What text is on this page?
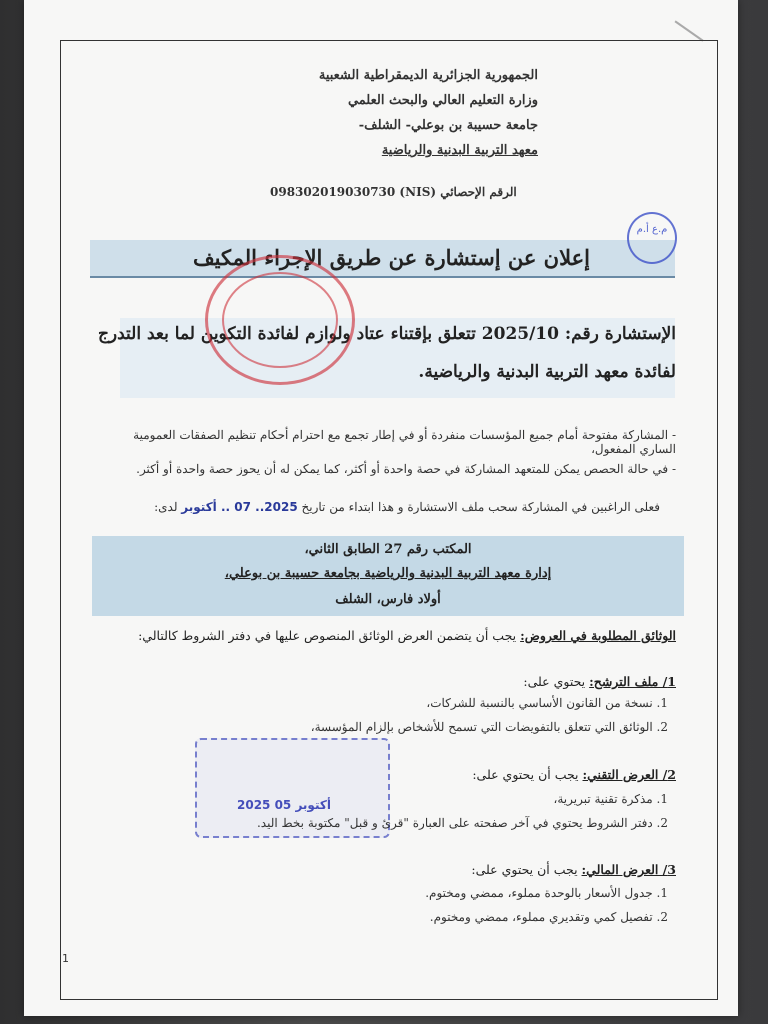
الجمهورية الجزائرية الديمقراطية الشعبية
وزارة التعليم العالي والبحث العلمي
جامعة حسيبة بن بوعلي- الشلف-
معهد التربية البدنية والرياضية
الرقم الإحصائي (NIS) 098302019030730
إعلان عن إستشارة عن طريق الإجراء المكيف
م.ع أ.م
الإستشارة رقم: 2025/10 تتعلق بإقتناء عتاد ولوازم لفائدة التكوين لما بعد التدرج
لفائدة معهد التربية البدنية والرياضية.
- المشاركة مفتوحة أمام جميع المؤسسات منفردة أو في إطار تجمع مع احترام أحكام تنظيم الصفقات العمومية الساري المفعول،
- في حالة الحصص يمكن للمتعهد المشاركة في حصة واحدة أو أكثر، كما يمكن له أن يحوز حصة واحدة أو أكثر.
فعلى الراغبين في المشاركة سحب ملف الاستشارة و هذا ابتداء من تاريخ 2025.. 07 .. أكتوبر لدى:
المكتب رقم 27 الطابق الثاني،
إدارة معهد التربية البدنية والرياضية بجامعة حسيبة بن بوعلي،
أولاد فارس، الشلف
الوثائق المطلوبة في العروض: يجب أن يتضمن العرض الوثائق المنصوص عليها في دفتر الشروط كالتالي:
1/ ملف الترشح: يحتوي على:
1. نسخة من القانون الأساسي بالنسبة للشركات،
2. الوثائق التي تتعلق بالتفويضات التي تسمح للأشخاص بإلزام المؤسسة،
2025 أكتوبر 05
2/ العرض التقني: يجب أن يحتوي على:
1. مذكرة تقنية تبريرية،
2. دفتر الشروط يحتوي في آخر صفحته على العبارة "قرئ و قبل" مكتوبة بخط اليد.
3/ العرض المالي: يجب أن يحتوي على:
1. جدول الأسعار بالوحدة مملوء، ممضي ومختوم.
2. تفصيل كمي وتقديري مملوء، ممضي ومختوم.
1
